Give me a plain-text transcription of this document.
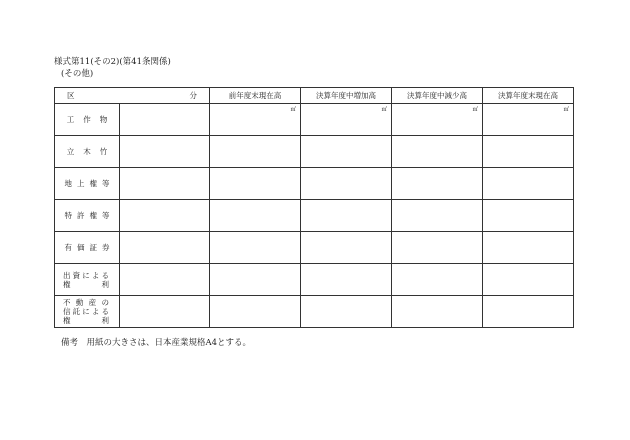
様式第11(その2)(第41条関係)
(その他)
区 分		前年度末現在高	決算年度中増加高	決算年度中減少高	決算年度末現在高
工作物		㎡	㎡	㎡	㎡

立木竹					
地上権等					
特許権等					
有価証券					

出資による
権利					

不動産の
信託による
権利					

備考　用紙の大きさは、日本産業規格A4とする。
